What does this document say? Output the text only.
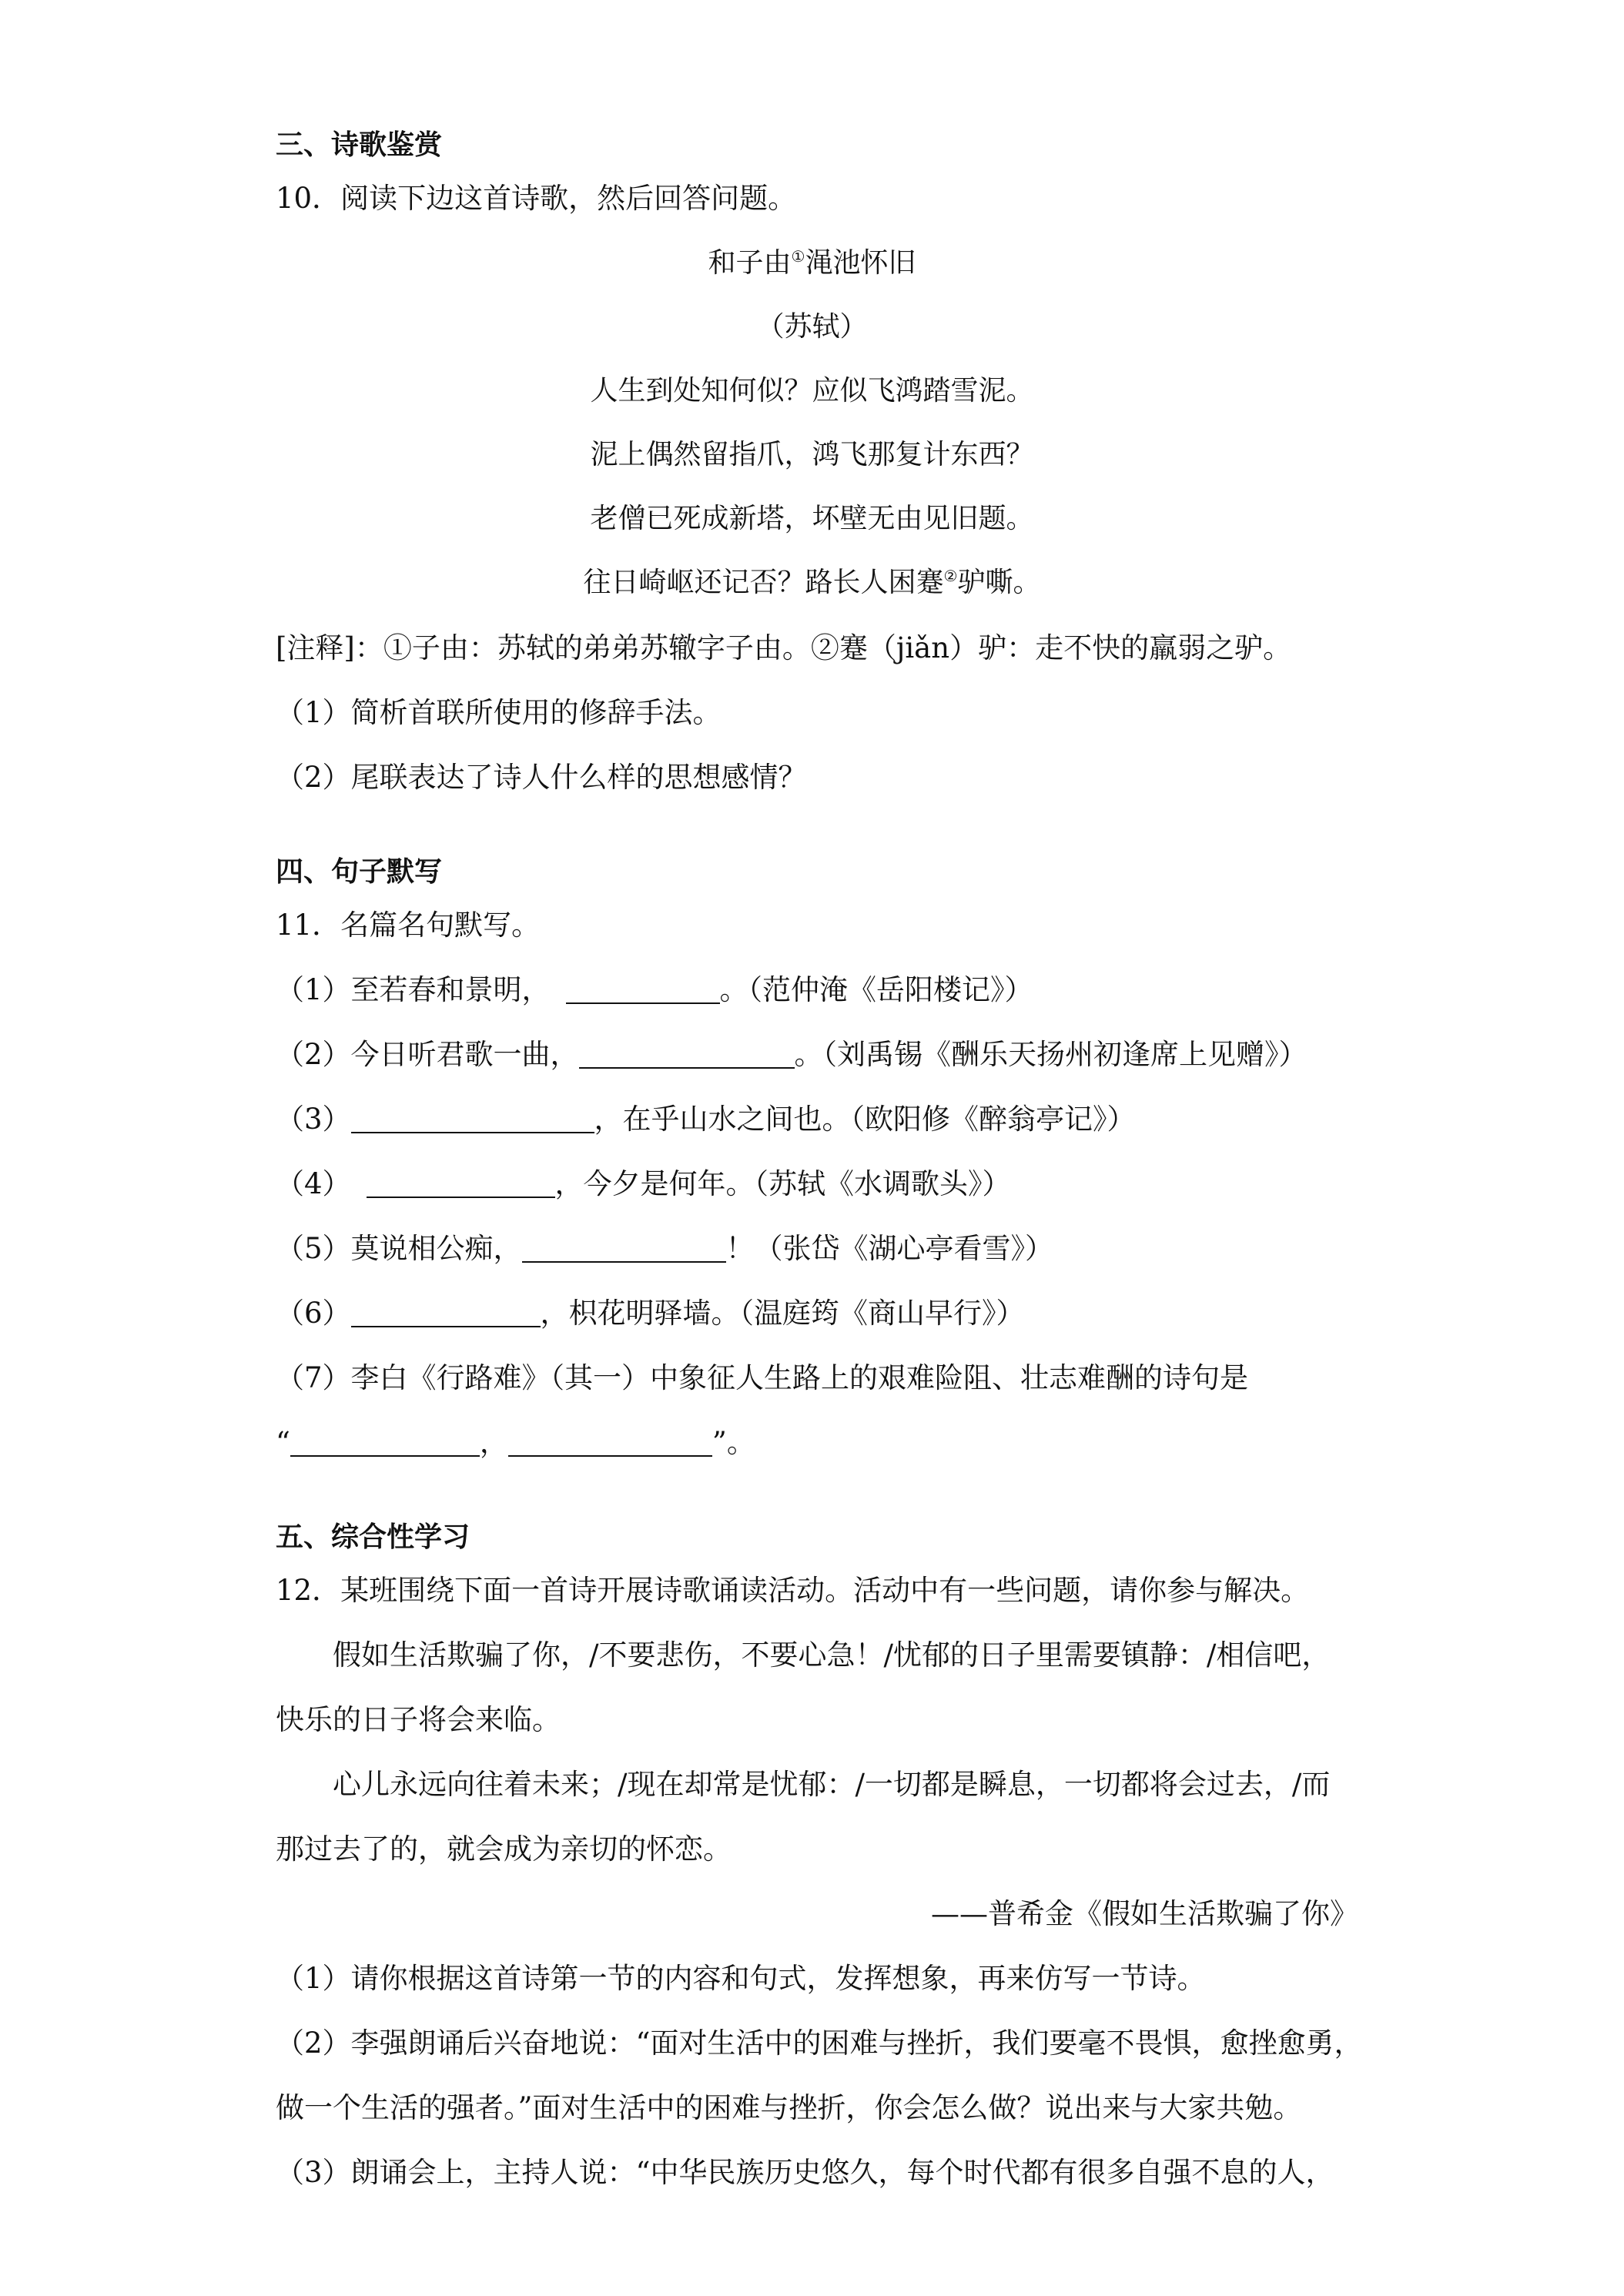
三、诗歌鉴赏
10．阅读下边这首诗歌，然后回答问题。
和子由①渑池怀旧
（苏轼）
人生到处知何似？应似飞鸿踏雪泥。
泥上偶然留指爪，鸿飞那复计东西？
老僧已死成新塔，坏壁无由见旧题。
往日崎岖还记否？路长人困蹇②驴嘶。
[注释]：①子由：苏轼的弟弟苏辙字子由。②蹇（jiǎn）驴：走不快的羸弱之驴。
（1）简析首联所使用的修辞手法。
（2）尾联表达了诗人什么样的思想感情？
四、句子默写
11．名篇名句默写。
（1）至若春和景明，	。（范仲淹《岳阳楼记》）
（2）今日听君歌一曲，	。（刘禹锡《酬乐天扬州初逢席上见赠》）
（3）	，在乎山水之间也。（欧阳修《醉翁亭记》）
（4）	，今夕是何年。（苏轼《水调歌头》）
（5）莫说相公痴，	！（张岱《湖心亭看雪》）
（6）	，枳花明驿墙。（温庭筠《商山早行》）
（7）李白《行路难》（其一）中象征人生路上的艰难险阻、壮志难酬的诗句是
“	，	”。
五、综合性学习
12．某班围绕下面一首诗开展诗歌诵读活动。活动中有一些问题，请你参与解决。
假如生活欺骗了你，/不要悲伤，不要心急！/忧郁的日子里需要镇静：/相信吧，
快乐的日子将会来临。
心儿永远向往着未来；/现在却常是忧郁：/一切都是瞬息，一切都将会过去，/而
那过去了的，就会成为亲切的怀恋。
——普希金《假如生活欺骗了你》
（1）请你根据这首诗第一节的内容和句式，发挥想象，再来仿写一节诗。
（2）李强朗诵后兴奋地说：“面对生活中的困难与挫折，我们要毫不畏惧，愈挫愈勇，
做一个生活的强者。”面对生活中的困难与挫折，你会怎么做？说出来与大家共勉。
（3）朗诵会上，主持人说：“中华民族历史悠久，每个时代都有很多自强不息的人，
